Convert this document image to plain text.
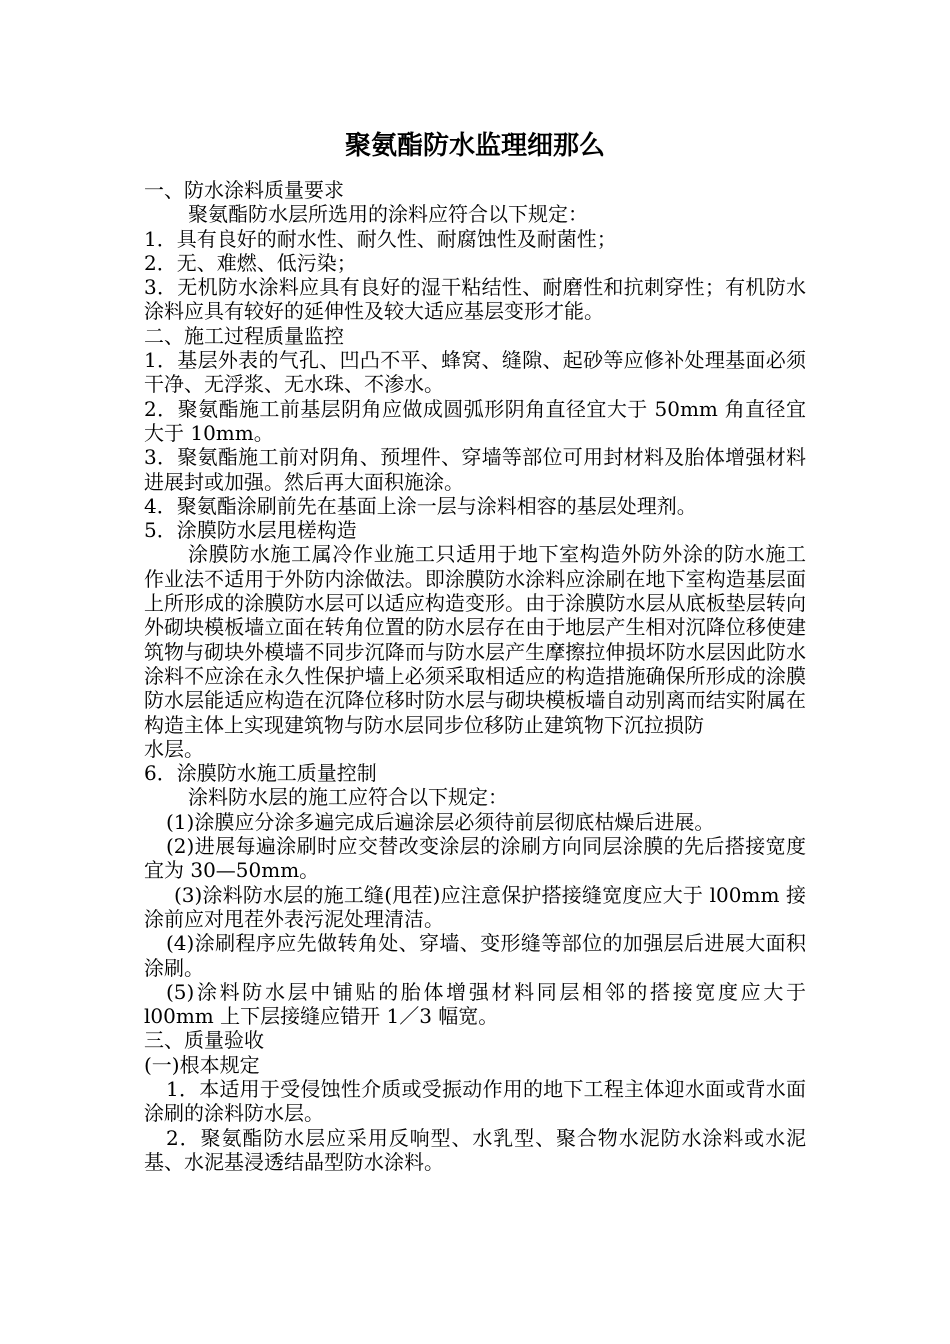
聚氨酯防水监理细那么

一、防水涂料质量要求

聚氨酯防水层所选用的涂料应符合以下规定：

1．具有良好的耐水性、耐久性、耐腐蚀性及耐菌性；

2．无、难燃、低污染；

3．无机防水涂料应具有良好的湿干粘结性、耐磨性和抗刺穿性；有机防水涂料应具有较好的延伸性及较大适应基层变形才能。

二、施工过程质量监控

1．基层外表的气孔、凹凸不平、蜂窝、缝隙、起砂等应修补处理基面必须干净、无浮浆、无水珠、不渗水。

2．聚氨酯施工前基层阴角应做成圆弧形阴角直径宜大于 50mm 角直径宜大于 10mm。

3．聚氨酯施工前对阴角、预埋件、穿墙等部位可用封材料及胎体增强材料进展封或加强。然后再大面积施涂。

4．聚氨酯涂刷前先在基面上涂一层与涂料相容的基层处理剂。

5．涂膜防水层甩槎构造

涂膜防水施工属冷作业施工只适用于地下室构造外防外涂的防水施工作业法不适用于外防内涂做法。即涂膜防水涂料应涂刷在地下室构造基层面上所形成的涂膜防水层可以适应构造变形。由于涂膜防水层从底板垫层转向外砌块模板墙立面在转角位置的防水层存在由于地层产生相对沉降位移使建筑物与砌块外模墙不同步沉降而与防水层产生摩擦拉伸损坏防水层因此防水涂料不应涂在永久性保护墙上必须采取相适应的构造措施确保所形成的涂膜防水层能适应构造在沉降位移时防水层与砌块模板墙自动别离而结实附属在构造主体上实现建筑物与防水层同步位移防止建筑物下沉拉损防

水层。

6．涂膜防水施工质量控制

涂料防水层的施工应符合以下规定：

(1)涂膜应分涂多遍完成后遍涂层必须待前层彻底枯燥后进展。

(2)进展每遍涂刷时应交替改变涂层的涂刷方向同层涂膜的先后搭接宽度宜为 30—50mm。

(3)涂料防水层的施工缝(甩茬)应注意保护搭接缝宽度应大于 l00mm 接涂前应对甩茬外表污泥处理清洁。

(4)涂刷程序应先做转角处、穿墙、变形缝等部位的加强层后进展大面积涂刷。

(5)涂料防水层中铺贴的胎体增强材料同层相邻的搭接宽度应大于 l00mm 上下层接缝应错开 1／3 幅宽。

三、质量验收

(一)根本规定

1．本适用于受侵蚀性介质或受振动作用的地下工程主体迎水面或背水面涂刷的涂料防水层。

2．聚氨酯防水层应采用反响型、水乳型、聚合物水泥防水涂料或水泥基、水泥基浸透结晶型防水涂料。
